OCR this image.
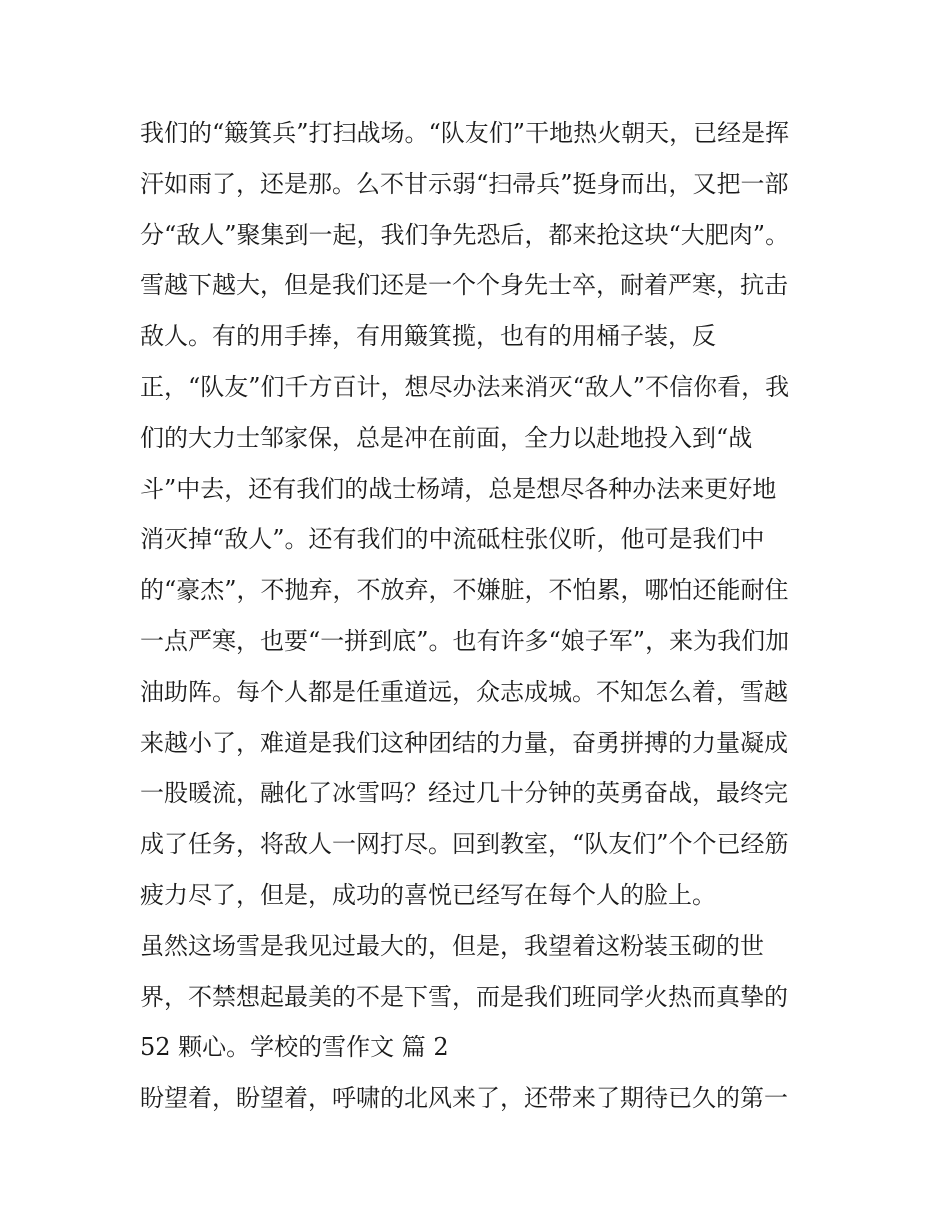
我们的“簸箕兵”打扫战场。“队友们”干地热火朝天，已经是挥
汗如雨了，还是那。么不甘示弱“扫帚兵”挺身而出，又把一部
分“敌人”聚集到一起，我们争先恐后，都来抢这块“大肥肉”。
雪越下越大，但是我们还是一个个身先士卒，耐着严寒，抗击
敌人。有的用手捧，有用簸箕揽，也有的用桶子装，反
正，“队友”们千方百计，想尽办法来消灭“敌人”不信你看，我
们的大力士邹家保，总是冲在前面，全力以赴地投入到“战
斗”中去，还有我们的战士杨靖，总是想尽各种办法来更好地
消灭掉“敌人”。还有我们的中流砥柱张仪昕，他可是我们中
的“豪杰”，不抛弃，不放弃，不嫌脏，不怕累，哪怕还能耐住
一点严寒，也要“一拼到底”。也有许多“娘子军”，来为我们加
油助阵。每个人都是任重道远，众志成城。不知怎么着，雪越
来越小了，难道是我们这种团结的力量，奋勇拼搏的力量凝成
一股暖流，融化了冰雪吗？经过几十分钟的英勇奋战，最终完
成了任务，将敌人一网打尽。回到教室，“队友们”个个已经筋
疲力尽了，但是，成功的喜悦已经写在每个人的脸上。
虽然这场雪是我见过最大的，但是，我望着这粉装玉砌的世
界，不禁想起最美的不是下雪，而是我们班同学火热而真挚的
52 颗心。学校的雪作文 篇 2
盼望着，盼望着，呼啸的北风来了，还带来了期待已久的第一
